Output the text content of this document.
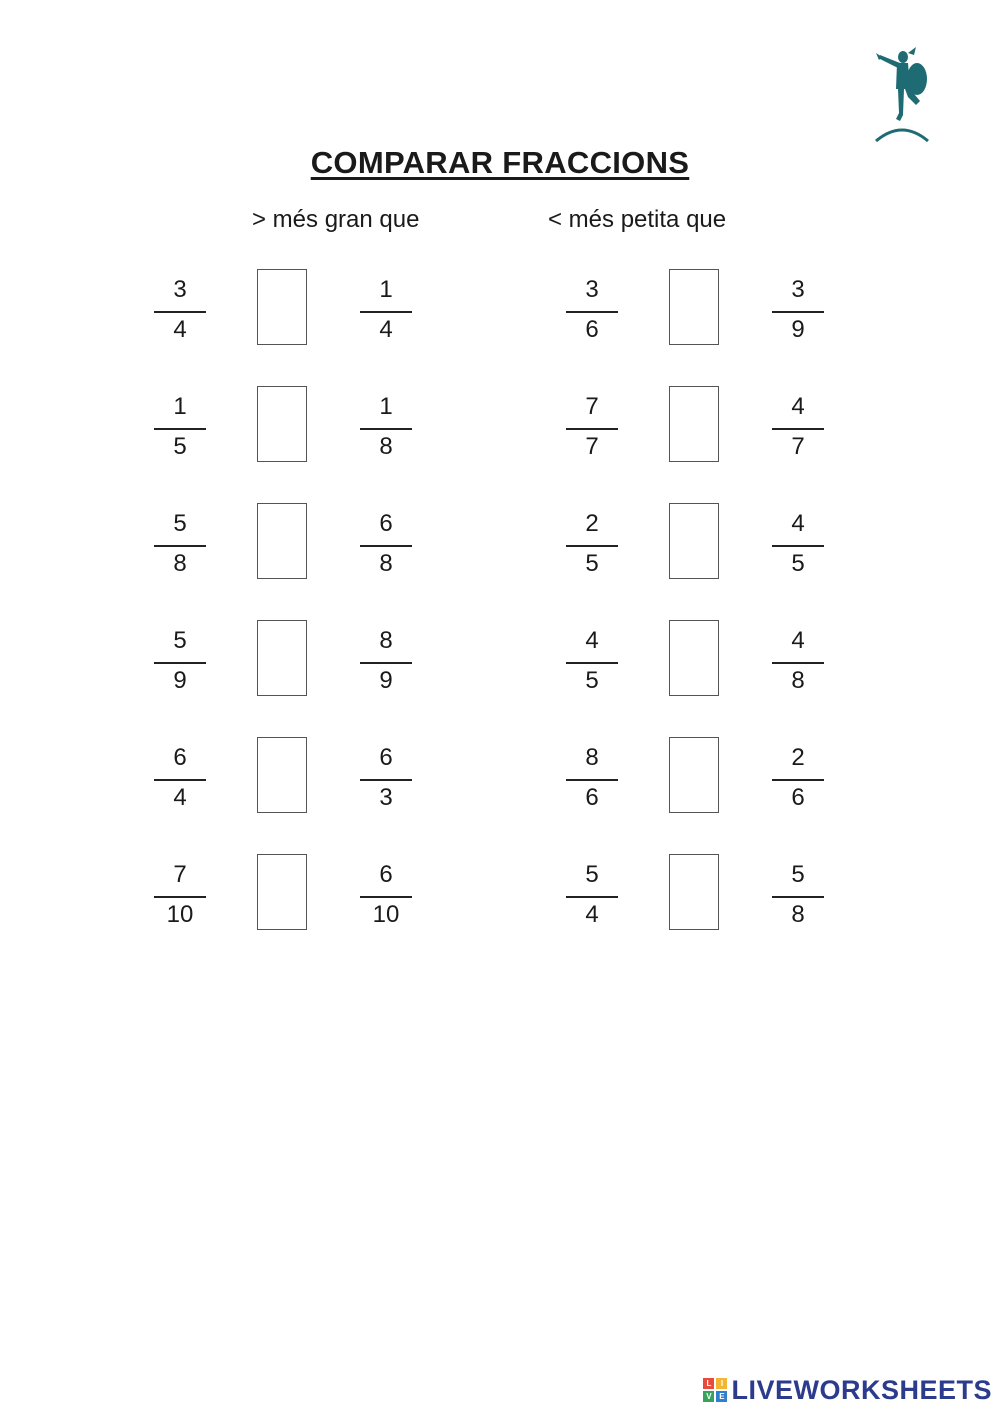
COMPARAR FRACCIONS
> més gran que	< més petita que
3
4
1
4
1
5
1
8
5
8
6
8
5
9
8
9
6
4
6
3
7
10
6
10
3
6
3
9
7
7
4
7
2
5
4
5
4
5
4
8
8
6
2
6
5
4
5
8
L	I
V E LIVEWORKSHEETS
